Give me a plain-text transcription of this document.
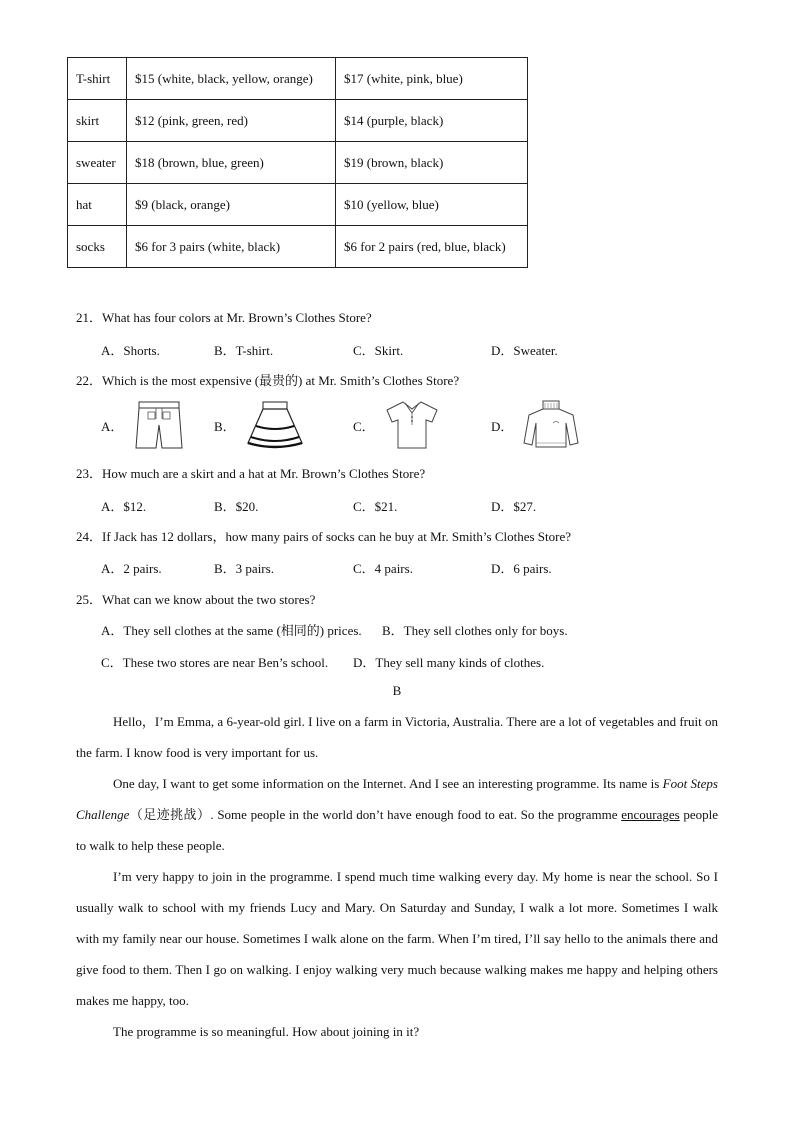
T-shirt	$15 (white, black, yellow, orange)	$17 (white, pink, blue)
skirt	$12 (pink, green, red)	$14 (purple, black)
sweater	$18 (brown, blue, green)	$19 (brown, black)
hat	$9 (black, orange)	$10 (yellow, blue)
socks	$6 for 3 pairs (white, black)	$6 for 2 pairs (red, blue, black)
21．What has four colors at Mr. Brown’s Clothes Store?
A．Shorts.	B．T-shirt.	C．Skirt.	D．Sweater.
22．Which is the most expensive (最贵的) at Mr. Smith’s Clothes Store?
A．	B．	C．	D．
23．How much are a skirt and a hat at Mr. Brown’s Clothes Store?
A．$12.	B．$20.	C．$21.	D．$27.
24．If Jack has 12 dollars，how many pairs of socks can he buy at Mr. Smith’s Clothes Store?
A．2 pairs.	B．3 pairs.	C．4 pairs.	D．6 pairs.
25．What can we know about the two stores?
A．They sell clothes at the same (相同的) prices. B．They sell clothes only for boys.
C．These two stores are near Ben’s school. D．They sell many kinds of clothes.
B

Hello，I’m Emma, a 6-year-old girl. I live on a farm in Victoria, Australia. There are a lot of vegetables and fruit on the farm. I know food is very important for us.

One day, I want to get some information on the Internet. And I see an interesting programme. Its name is Foot Steps Challenge（足迹挑战）. Some people in the world don’t have enough food to eat. So the programme encourages people to walk to help these people.

I’m very happy to join in the programme. I spend much time walking every day. My home is near the school. So I usually walk to school with my friends Lucy and Mary. On Saturday and Sunday, I walk a lot more. Sometimes I walk with my family near our house. Sometimes I walk alone on the farm. When I’m tired, I’ll say hello to the animals there and give food to them. Then I go on walking. I enjoy walking very much because walking makes me happy and helping others makes me happy, too.

The programme is so meaningful. How about joining in it?
